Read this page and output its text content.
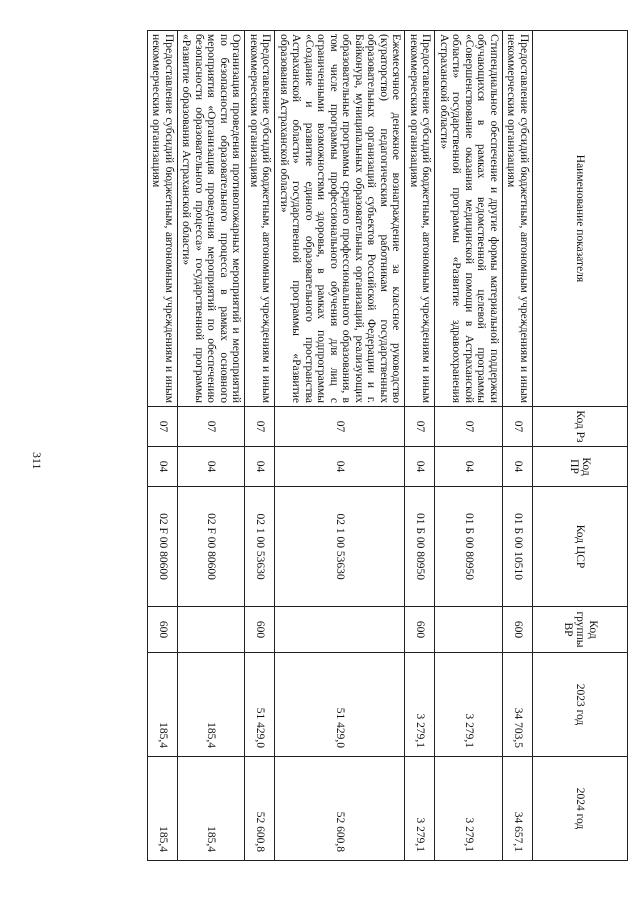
311
Наименование показателя	Код Рз	Код ПР	Код ЦСР	Код группы ВР	2023 год	2024 год
Предоставление субсидий бюджетным, автономным учреждениям и иным некоммерческим организациям	07	04	01 Б 00 10510	600	34 703,5	34 657,1
Стипендиальное обеспечение и другие формы материальной поддержки обучающихся в рамках ведомственной целевой программы «Совершенствование оказания медицинской помощи в Астраханской области» государственной программы «Развитие здравоохранения Астраханской области»	07	04	01 Б 00 80950		3 279,1	3 279,1
Предоставление субсидий бюджетным, автономным учреждениям и иным некоммерческим организациям	07	04	01 Б 00 80950	600	3 279,1	3 279,1
Ежемесячное денежное вознаграждение за классное руководство (кураторство) педагогическим работникам государственных образовательных организаций субъектов Российской Федерации и г. Байконура, муниципальных образовательных организаций, реализующих образовательные программы среднего профессионального образования, в том числе программы профессионального обучения для лиц с ограниченными возможностями здоровья, в рамках подпрограммы «Создание и развитие единого образовательного пространства Астраханской области» государственной программы «Развитие образования Астраханской области»	07	04	02 1 00 53630		51 429,0	52 600,8
Предоставление субсидий бюджетным, автономным учреждениям и иным некоммерческим организациям	07	04	02 1 00 53630	600	51 429,0	52 600,8
Организация проведения противопожарных мероприятий и мероприятий по безопасности образовательного процесса в рамках основного мероприятия «Организация проведения мероприятий по обеспечению безопасности образовательного процесса» государственной программы «Развитие образования Астраханской области»	07	04	02 F 00 80600		185,4	185,4
Предоставление субсидий бюджетным, автономным учреждениям и иным некоммерческим организациям	07	04	02 F 00 80600	600	185,4	185,4
